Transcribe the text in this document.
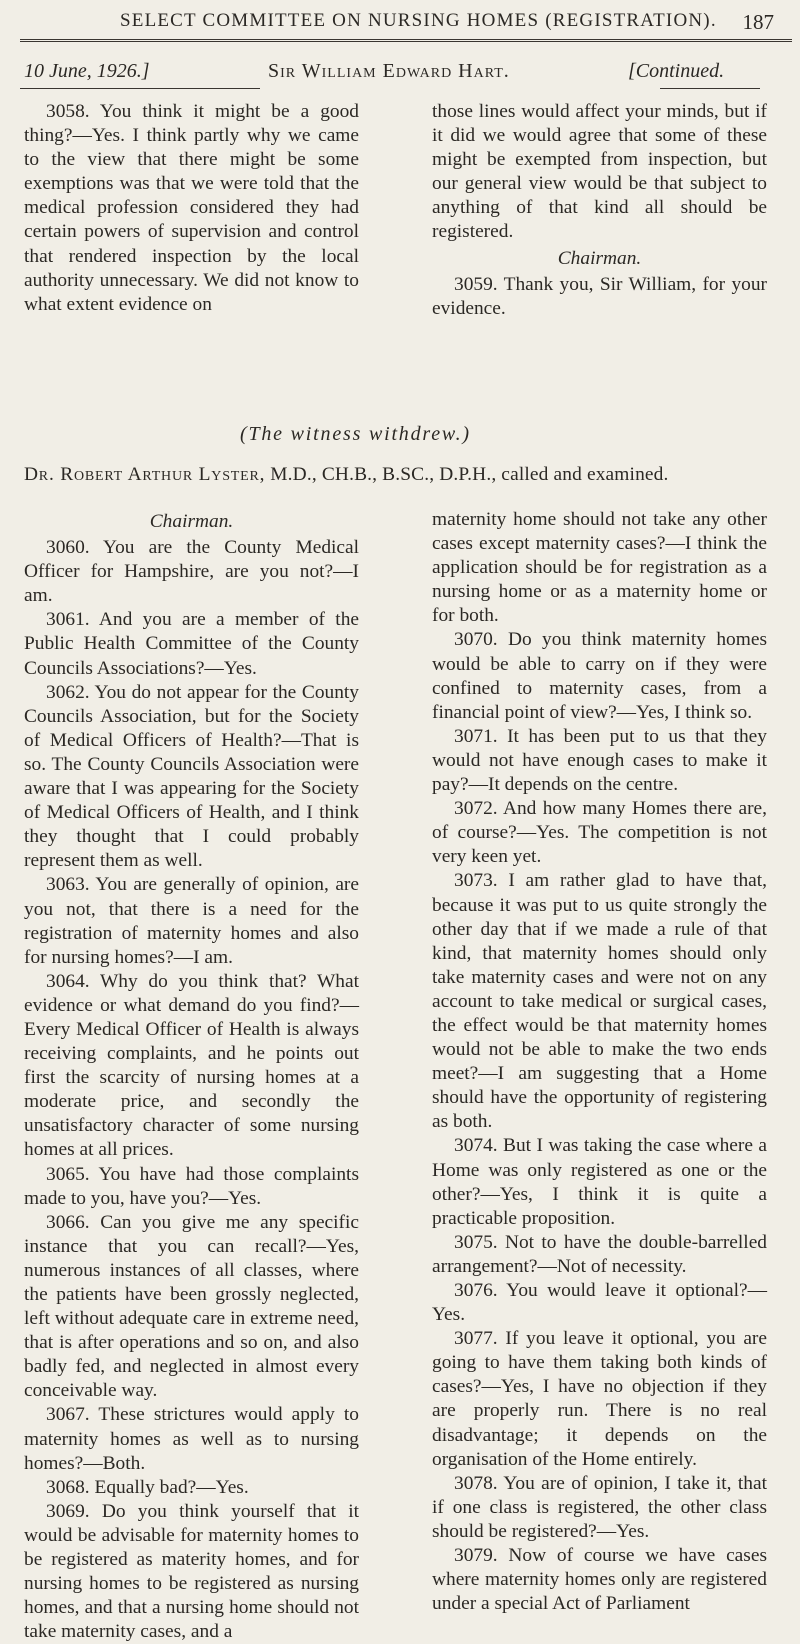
SELECT COMMITTEE ON NURSING HOMES (REGISTRATION). 187
10 June, 1926.]	Sir William Edward Hart.	[Continued.

3058. You think it might be a good thing?—Yes. I think partly why we came to the view that there might be some exemptions was that we were told that the medical profession considered they had certain powers of supervision and control that rendered inspection by the local authority unnecessary. We did not know to what extent evidence on

those lines would affect your minds, but if it did we would agree that some of these might be exempted from inspection, but our general view would be that subject to anything of that kind all should be registered.

Chairman.

3059. Thank you, Sir William, for your evidence.

(The witness withdrew.)
Dr. Robert Arthur Lyster, M.D., CH.B., B.SC., D.P.H., called and examined.

Chairman.

3060. You are the County Medical Officer for Hampshire, are you not?—I am.

3061. And you are a member of the Public Health Committee of the County Councils Associations?—Yes.

3062. You do not appear for the County Councils Association, but for the Society of Medical Officers of Health?—That is so. The County Councils Association were aware that I was appearing for the Society of Medical Officers of Health, and I think they thought that I could probably represent them as well.

3063. You are generally of opinion, are you not, that there is a need for the registration of maternity homes and also for nursing homes?—I am.

3064. Why do you think that? What evidence or what demand do you find?—Every Medical Officer of Health is always receiving complaints, and he points out first the scarcity of nursing homes at a moderate price, and secondly the unsatisfactory character of some nursing homes at all prices.

3065. You have had those complaints made to you, have you?—Yes.

3066. Can you give me any specific instance that you can recall?—Yes, numerous instances of all classes, where the patients have been grossly neglected, left without adequate care in extreme need, that is after operations and so on, and also badly fed, and neglected in almost every conceivable way.

3067. These strictures would apply to maternity homes as well as to nursing homes?—Both.

3068. Equally bad?—Yes.

3069. Do you think yourself that it would be advisable for maternity homes to be registered as materity homes, and for nursing homes to be registered as nursing homes, and that a nursing home should not take maternity cases, and a

maternity home should not take any other cases except maternity cases?—I think the application should be for registration as a nursing home or as a maternity home or for both.

3070. Do you think maternity homes would be able to carry on if they were confined to maternity cases, from a financial point of view?—Yes, I think so.

3071. It has been put to us that they would not have enough cases to make it pay?—It depends on the centre.

3072. And how many Homes there are, of course?—Yes. The competition is not very keen yet.

3073. I am rather glad to have that, because it was put to us quite strongly the other day that if we made a rule of that kind, that maternity homes should only take maternity cases and were not on any account to take medical or surgical cases, the effect would be that maternity homes would not be able to make the two ends meet?—I am suggesting that a Home should have the opportunity of registering as both.

3074. But I was taking the case where a Home was only registered as one or the other?—Yes, I think it is quite a practicable proposition.

3075. Not to have the double-barrelled arrangement?—Not of necessity.

3076. You would leave it optional?—Yes.

3077. If you leave it optional, you are going to have them taking both kinds of cases?—Yes, I have no objection if they are properly run. There is no real disadvantage; it depends on the organisation of the Home entirely.

3078. You are of opinion, I take it, that if one class is registered, the other class should be registered?—Yes.

3079. Now of course we have cases where maternity homes only are registered under a special Act of Parliament
